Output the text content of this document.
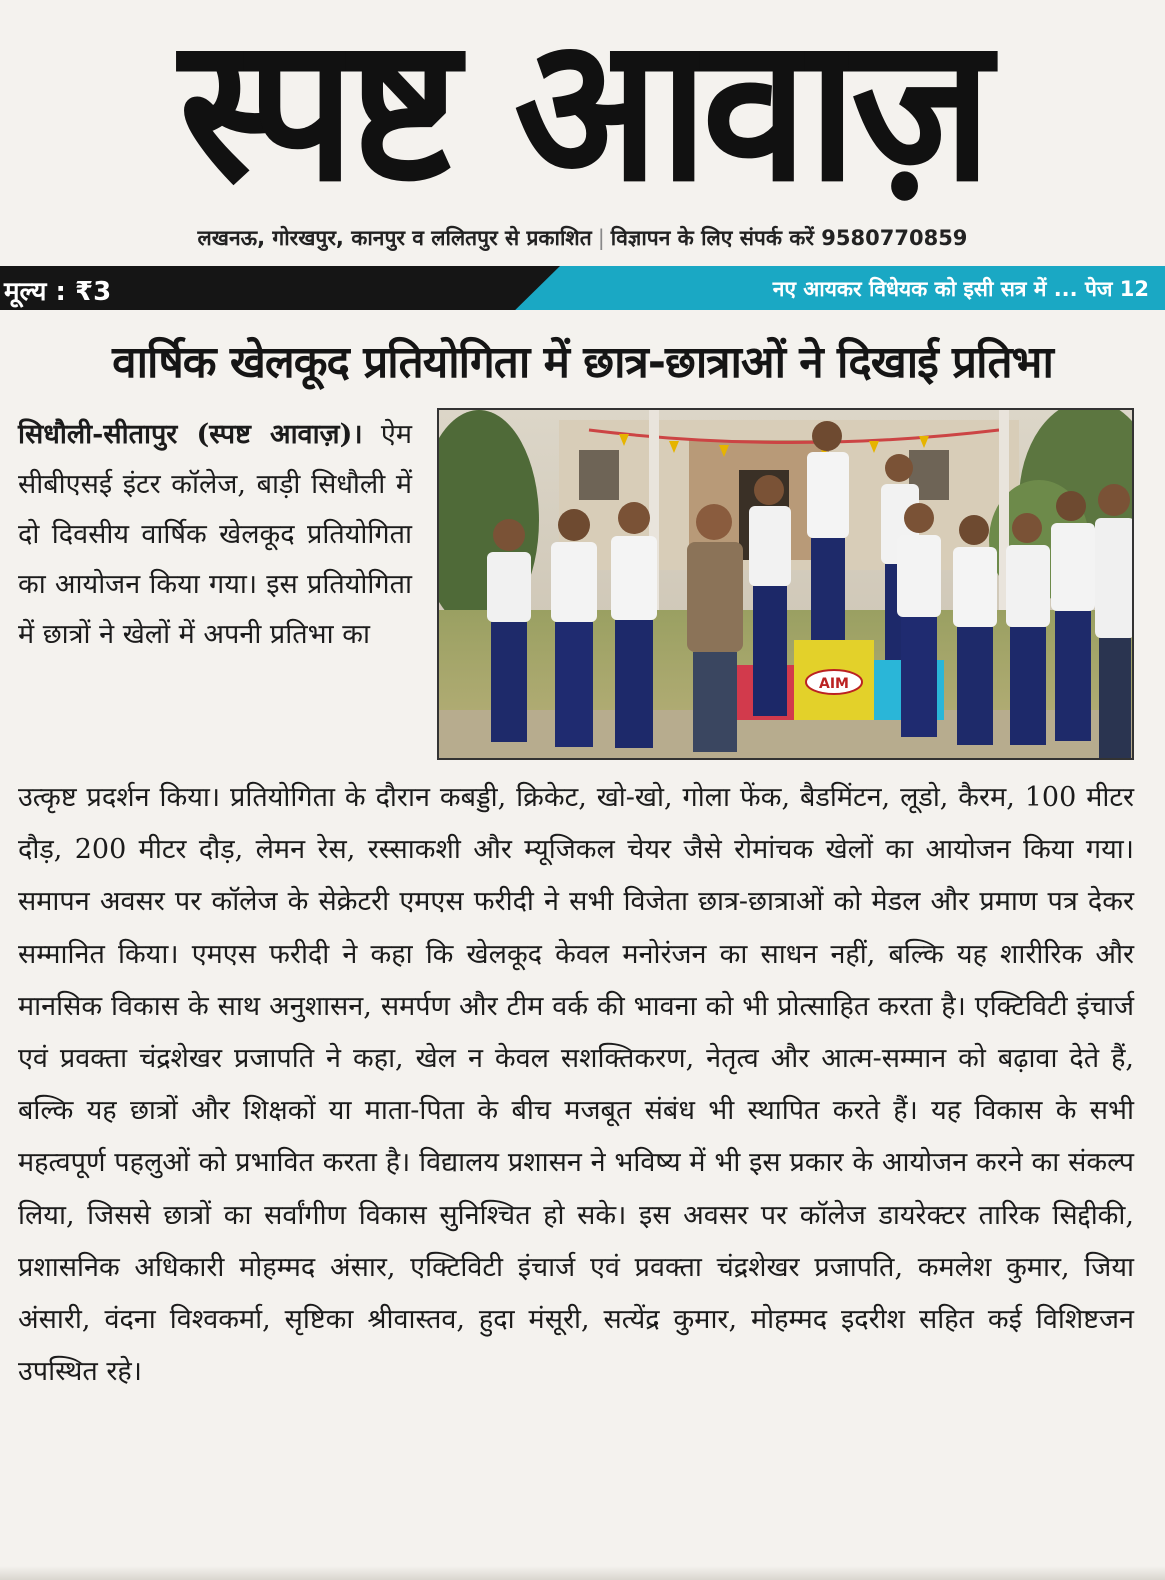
स्पष्ट आवाज़
लखनऊ, गोरखपुर, कानपुर व ललितपुर से प्रकाशित | विज्ञापन के लिए संपर्क करें 9580770859
मूल्य : ₹3	नए आयकर विधेयक को इसी सत्र में ... पेज 12
वार्षिक खेलकूद प्रतियोगिता में छात्र-छात्राओं ने दिखाई प्रतिभा
सिधौली-सीतापुर (स्पष्ट आवाज़)। ऐम सीबीएसई इंटर कॉलेज, बाड़ी सिधौली में दो दिवसीय वार्षिक खेलकूद प्रतियोगिता का आयोजन किया गया। इस प्रतियोगिता में छात्रों ने खेलों में अपनी प्रतिभा का
AIM
उत्कृष्ट प्रदर्शन किया। प्रतियोगिता के दौरान कबड्डी, क्रिकेट, खो-खो, गोला फेंक, बैडमिंटन, लूडो, कैरम, 100 मीटर दौड़, 200 मीटर दौड़, लेमन रेस, रस्साकशी और म्यूजिकल चेयर जैसे रोमांचक खेलों का आयोजन किया गया। समापन अवसर पर कॉलेज के सेक्रेटरी एमएस फरीदी ने सभी विजेता छात्र-छात्राओं को मेडल और प्रमाण पत्र देकर सम्मानित किया। एमएस फरीदी ने कहा कि खेलकूद केवल मनोरंजन का साधन नहीं, बल्कि यह शारीरिक और मानसिक विकास के साथ अनुशासन, समर्पण और टीम वर्क की भावना को भी प्रोत्साहित करता है। एक्टिविटी इंचार्ज एवं प्रवक्ता चंद्रशेखर प्रजापति ने कहा, खेल न केवल सशक्तिकरण, नेतृत्व और आत्म-सम्मान को बढ़ावा देते हैं, बल्कि यह छात्रों और शिक्षकों या माता-पिता के बीच मजबूत संबंध भी स्थापित करते हैं। यह विकास के सभी महत्वपूर्ण पहलुओं को प्रभावित करता है। विद्यालय प्रशासन ने भविष्य में भी इस प्रकार के आयोजन करने का संकल्प लिया, जिससे छात्रों का सर्वांगीण विकास सुनिश्चित हो सके। इस अवसर पर कॉलेज डायरेक्टर तारिक सिद्दीकी, प्रशासनिक अधिकारी मोहम्मद अंसार, एक्टिविटी इंचार्ज एवं प्रवक्ता चंद्रशेखर प्रजापति, कमलेश कुमार, जिया अंसारी, वंदना विश्वकर्मा, सृष्टिका श्रीवास्तव, हुदा मंसूरी, सत्येंद्र कुमार, मोहम्मद इदरीश सहित कई विशिष्टजन उपस्थित रहे।
